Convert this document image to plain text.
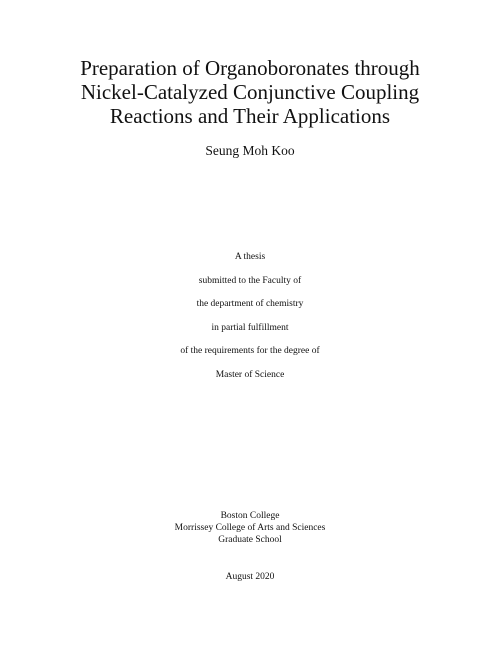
Preparation of Organoboronates through
Nickel-Catalyzed Conjunctive Coupling
Reactions and Their Applications
Seung Moh Koo
A thesis
submitted to the Faculty of
the department of chemistry
in partial fulfillment
of the requirements for the degree of
Master of Science
Boston College
Morrissey College of Arts and Sciences
Graduate School
August 2020
